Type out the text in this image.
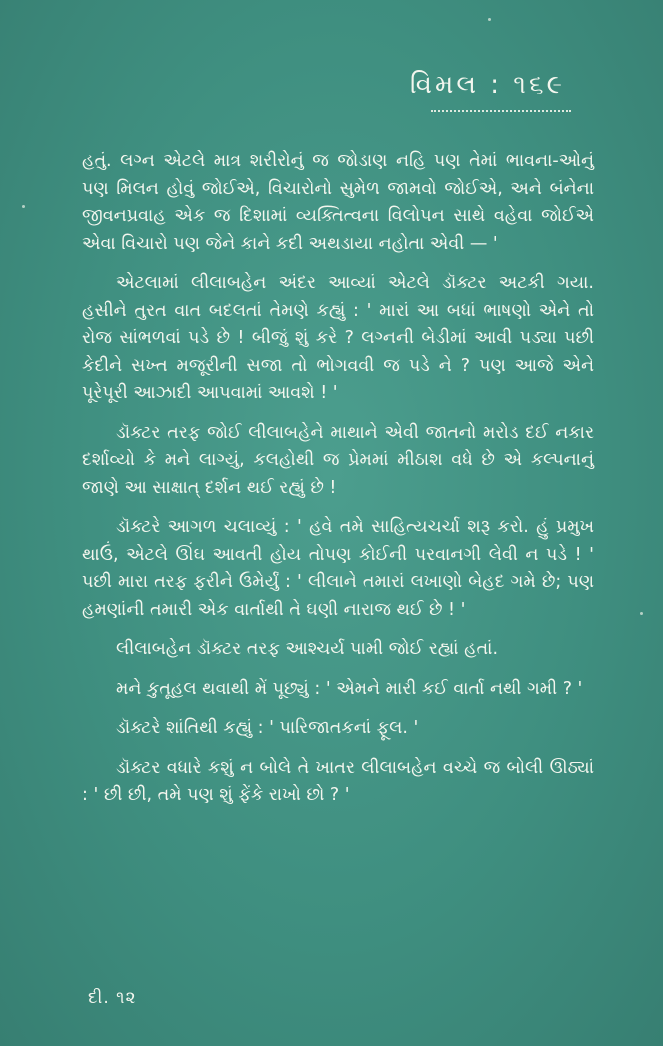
વિમલ : ૧૬૯

હતું. લગ્ન એટલે માત્ર શરીરોનું જ જોડાણ નહિ પણ તેમાં ભાવના-ઓનું પણ મિલન હોવું જોઈએ, વિચારોનો સુમેળ જામવો જોઈએ, અને બંનેના જીવનપ્રવાહ એક જ દિશામાં વ્યક્તિત્વના વિલોપન સાથે વહેવા જોઈએ એવા વિચારો પણ જેને કાને કદી અથડાયા નહોતા એવી — '

એટલામાં લીલાબહેન અંદર આવ્યાં એટલે ડૉક્ટર અટકી ગયા. હસીને તુરત વાત બદલતાં તેમણે કહ્યું : ' મારાં આ બધાં ભાષણો એને તો રોજ સાંભળવાં પડે છે ! બીજું શું કરે ? લગ્નની બેડીમાં આવી પડ્યા પછી કેદીને સખ્ત મજૂરીની સજા તો ભોગવવી જ પડે ને ? પણ આજે એને પૂરેપૂરી આઝાદી આપવામાં આવશે ! '

ડૉક્ટર તરફ જોઈ લીલાબહેને માથાને એવી જાતનો મરોડ દઈ નકાર દર્શાવ્યો કે મને લાગ્યું, કલહોથી જ પ્રેમમાં મીઠાશ વધે છે એ કલ્પનાનું જાણે આ સાક્ષાત્ દર્શન થઈ રહ્યું છે !

ડૉક્ટરે આગળ ચલાવ્યું : ' હવે તમે સાહિત્યચર્ચા શરૂ કરો. હું પ્રમુખ થાઉં, એટલે ઊંઘ આવતી હોય તોપણ કોઈની પરવાનગી લેવી ન પડે ! ' પછી મારા તરફ ફરીને ઉમેર્યું : ' લીલાને તમારાં લખાણો બેહદ ગમે છે; પણ હમણાંની તમારી એક વાર્તાથી તે ઘણી નારાજ થઈ છે ! '

લીલાબહેન ડૉક્ટર તરફ આશ્ચર્ય પામી જોઈ રહ્યાં હતાં.

મને કુતૂહલ થવાથી મેં પૂછ્યું : ' એમને મારી કઈ વાર્તા નથી ગમી ? '

ડૉક્ટરે શાંતિથી કહ્યું : ' પારિજાતકનાં ફૂલ. '

ડૉક્ટર વધારે કશું ન બોલે તે ખાતર લીલાબહેન વચ્ચે જ બોલી ઊઠ્યાં : ' છી છી, તમે પણ શું ફેંકે રાખો છો ? '

દી. ૧૨
